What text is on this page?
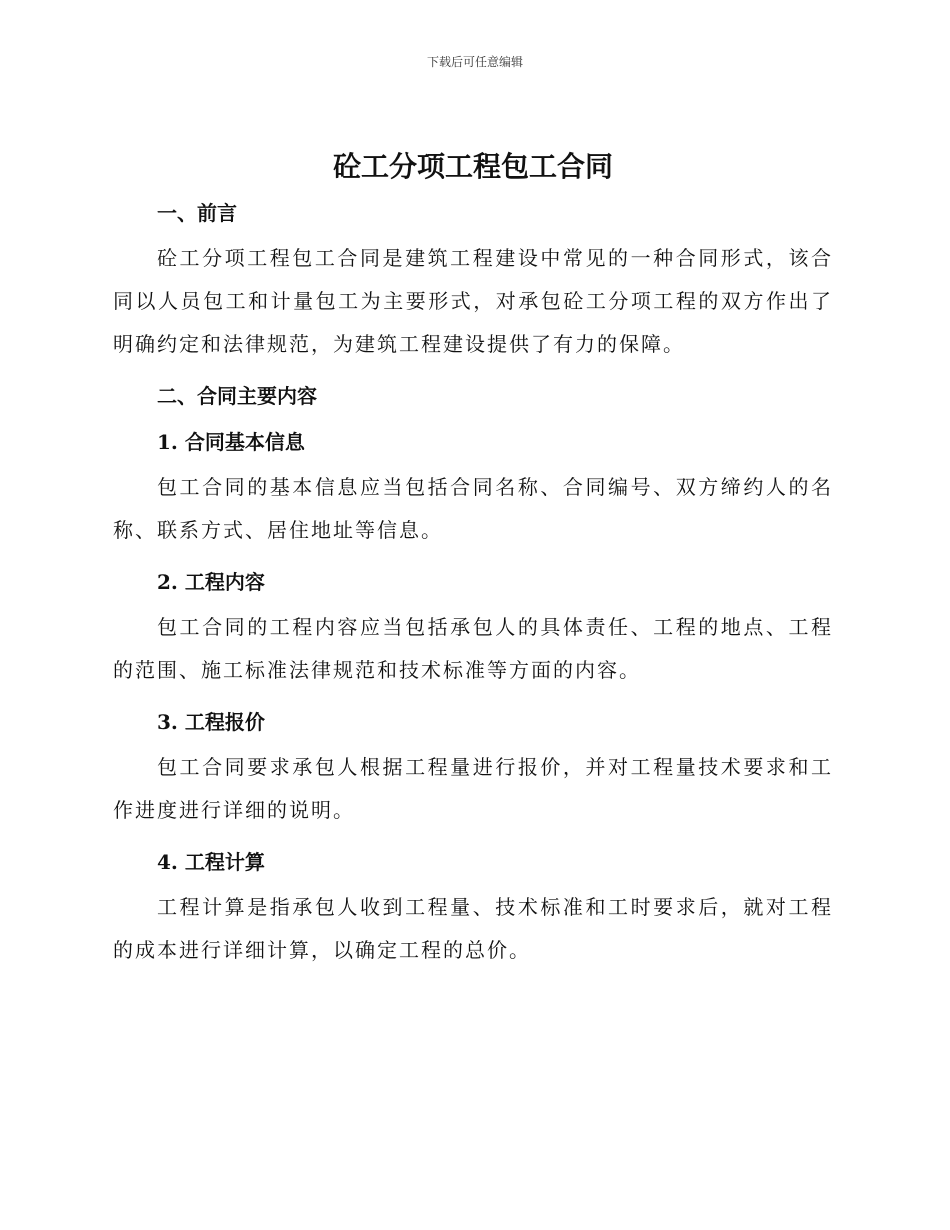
下载后可任意编辑
砼工分项工程包工合同
一、前言

砼工分项工程包工合同是建筑工程建设中常见的一种合同形式，该合同以人员包工和计量包工为主要形式，对承包砼工分项工程的双方作出了明确约定和法律规范，为建筑工程建设提供了有力的保障。

二、合同主要内容
1. 合同基本信息

包工合同的基本信息应当包括合同名称、合同编号、双方缔约人的名称、联系方式、居住地址等信息。

2. 工程内容

包工合同的工程内容应当包括承包人的具体责任、工程的地点、工程的范围、施工标准法律规范和技术标准等方面的内容。

3. 工程报价

包工合同要求承包人根据工程量进行报价，并对工程量技术要求和工作进度进行详细的说明。

4. 工程计算

工程计算是指承包人收到工程量、技术标准和工时要求后，就对工程的成本进行详细计算，以确定工程的总价。
